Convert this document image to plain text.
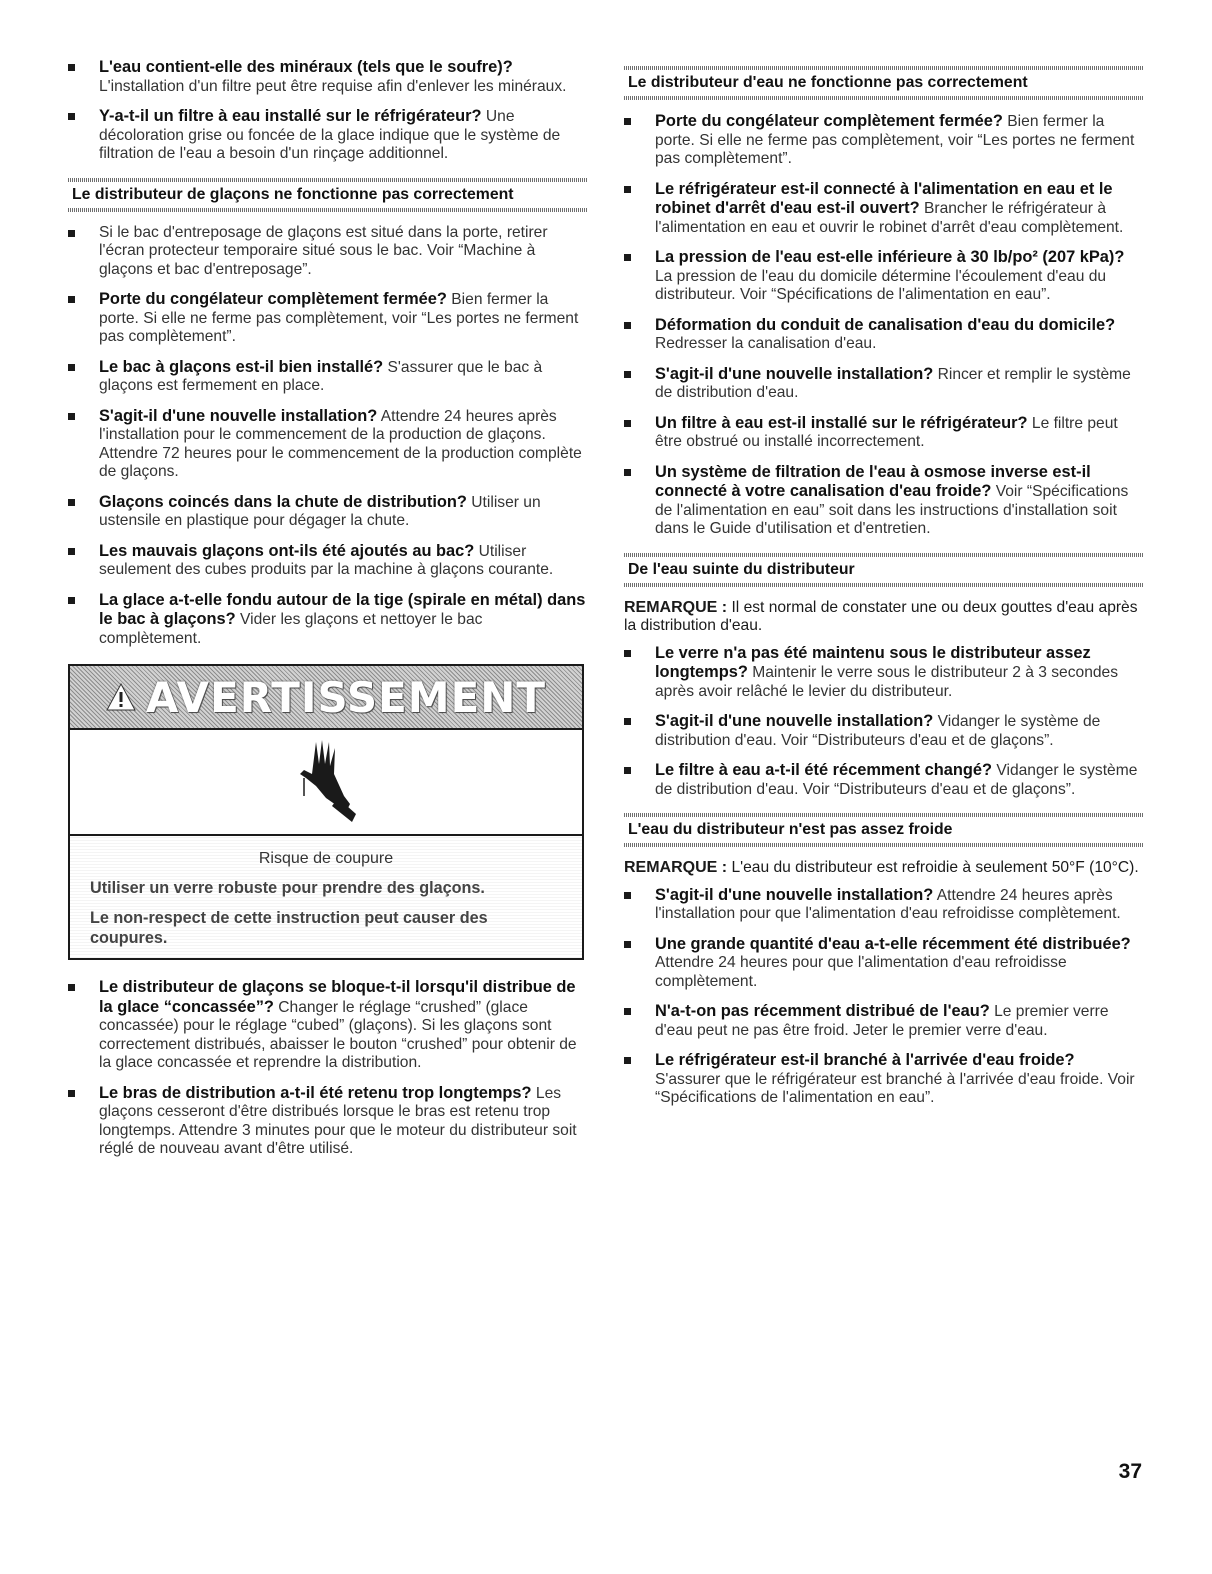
L'eau contient-elle des minéraux (tels que le soufre)? L'installation d'un filtre peut être requise afin d'enlever les minéraux.
Y-a-t-il un filtre à eau installé sur le réfrigérateur? Une décoloration grise ou foncée de la glace indique que le système de filtration de l'eau a besoin d'un rinçage additionnel.
Le distributeur de glaçons ne fonctionne pas correctement
Si le bac d'entreposage de glaçons est situé dans la porte, retirer l'écran protecteur temporaire situé sous le bac. Voir “Machine à glaçons et bac d'entreposage”.
Porte du congélateur complètement fermée? Bien fermer la porte. Si elle ne ferme pas complètement, voir “Les portes ne ferment pas complètement”.
Le bac à glaçons est-il bien installé? S'assurer que le bac à glaçons est fermement en place.
S'agit-il d'une nouvelle installation? Attendre 24 heures après l'installation pour le commencement de la production de glaçons. Attendre 72 heures pour le commencement de la production complète de glaçons.
Glaçons coincés dans la chute de distribution? Utiliser un ustensile en plastique pour dégager la chute.
Les mauvais glaçons ont-ils été ajoutés au bac? Utiliser seulement des cubes produits par la machine à glaçons courante.
La glace a-t-elle fondu autour de la tige (spirale en métal) dans le bac à glaçons? Vider les glaçons et nettoyer le bac complètement.
AVERTISSEMENT
Risque de coupure
Utiliser un verre robuste pour prendre des glaçons.
Le non-respect de cette instruction peut causer des coupures.
Le distributeur de glaçons se bloque-t-il lorsqu'il distribue de la glace “concassée”? Changer le réglage “crushed” (glace concassée) pour le réglage “cubed” (glaçons). Si les glaçons sont correctement distribués, abaisser le bouton “crushed” pour obtenir de la glace concassée et reprendre la distribution.
Le bras de distribution a-t-il été retenu trop longtemps? Les glaçons cesseront d'être distribués lorsque le bras est retenu trop longtemps. Attendre 3 minutes pour que le moteur du distributeur soit réglé de nouveau avant d'être utilisé.
Le distributeur d'eau ne fonctionne pas correctement
Porte du congélateur complètement fermée? Bien fermer la porte. Si elle ne ferme pas complètement, voir “Les portes ne ferment pas complètement”.
Le réfrigérateur est-il connecté à l'alimentation en eau et le robinet d'arrêt d'eau est-il ouvert? Brancher le réfrigérateur à l'alimentation en eau et ouvrir le robinet d'arrêt d'eau complètement.
La pression de l'eau est-elle inférieure à 30 lb/po² (207 kPa)? La pression de l'eau du domicile détermine l'écoulement d'eau du distributeur. Voir “Spécifications de l'alimentation en eau”.
Déformation du conduit de canalisation d'eau du domicile? Redresser la canalisation d'eau.
S'agit-il d'une nouvelle installation? Rincer et remplir le système de distribution d'eau.
Un filtre à eau est-il installé sur le réfrigérateur? Le filtre peut être obstrué ou installé incorrectement.
Un système de filtration de l'eau à osmose inverse est-il connecté à votre canalisation d'eau froide? Voir “Spécifications de l'alimentation en eau” soit dans les instructions d'installation soit dans le Guide d'utilisation et d'entretien.
De l'eau suinte du distributeur

REMARQUE : Il est normal de constater une ou deux gouttes d'eau après la distribution d'eau.

Le verre n'a pas été maintenu sous le distributeur assez longtemps? Maintenir le verre sous le distributeur 2 à 3 secondes après avoir relâché le levier du distributeur.
S'agit-il d'une nouvelle installation? Vidanger le système de distribution d'eau. Voir “Distributeurs d'eau et de glaçons”.
Le filtre à eau a-t-il été récemment changé? Vidanger le système de distribution d'eau. Voir “Distributeurs d'eau et de glaçons”.
L'eau du distributeur n'est pas assez froide

REMARQUE : L'eau du distributeur est refroidie à seulement 50°F (10°C).

S'agit-il d'une nouvelle installation? Attendre 24 heures après l'installation pour que l'alimentation d'eau refroidisse complètement.
Une grande quantité d'eau a-t-elle récemment été distribuée? Attendre 24 heures pour que l'alimentation d'eau refroidisse complètement.
N'a-t-on pas récemment distribué de l'eau? Le premier verre d'eau peut ne pas être froid. Jeter le premier verre d'eau.
Le réfrigérateur est-il branché à l'arrivée d'eau froide? S'assurer que le réfrigérateur est branché à l'arrivée d'eau froide. Voir “Spécifications de l'alimentation en eau”.
37
